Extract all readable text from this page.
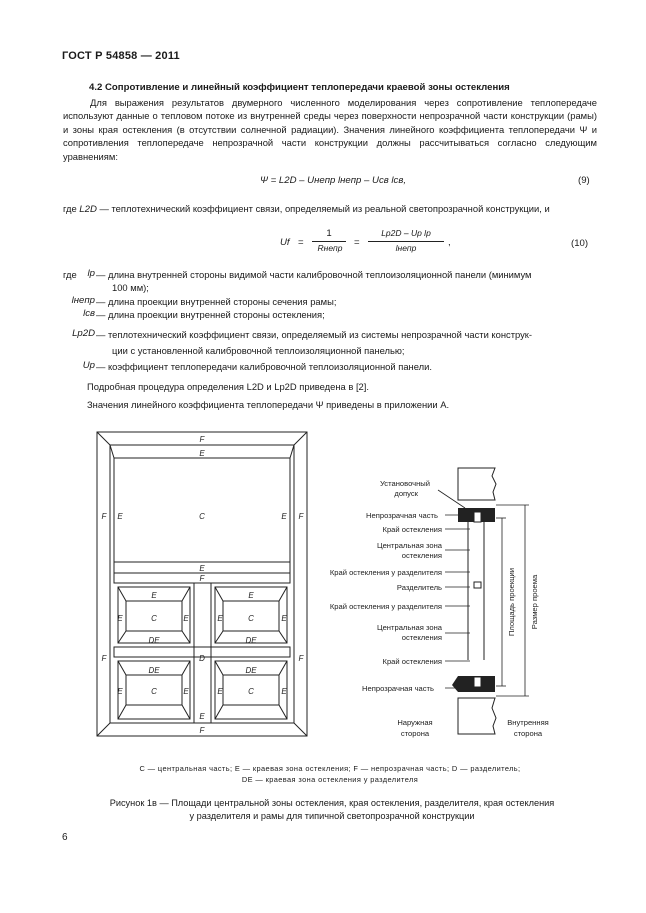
ГОСТ Р 54858 — 2011
4.2 Сопротивление и линейный коэффициент теплопередачи краевой зоны остекления
Для выражения результатов двумерного численного моделирования через сопротивление теплопередаче используют данные о тепловом потоке из внутренней среды через поверхности непрозрачной части конструкции (рамы) и зоны края остекления (в отсутствии солнечной радиации). Значения линейного коэффициента теплопередачи Ψ и сопротивления теплопередаче непрозрачной части конструкции должны рассчитываться согласно следующим уравнениям:
Ψ = L2D – Uнепр lнепр – Uсв lсв,	(9)
где L2D — теплотехнический коэффициент связи, определяемый из реальной светопрозрачной конструкции, и
Uf =
1
Rнепр	=
Lp2D – Up lp
lнепр	,	(10)
где	lp — длина внутренней стороны видимой части калибровочной теплоизоляционной панели (минимум
100 мм);
lнепр — длина проекции внутренней стороны сечения рамы;
lсв — длина проекции внутренней стороны остекления;
Lp2D — теплотехнический коэффициент связи, определяемый из системы непрозрачной части конструк-
ции с установленной калибровочной теплоизоляционной панелью;
Up — коэффициент теплопередачи калибровочной теплоизоляционной панели.
Подробная процедура определения L2D и Lp2D приведена в [2].
Значения линейного коэффициента теплопередачи Ψ приведены в приложении А.
F
E
F E	C	E F
E
F
E	E
E	C	E	E	C	E
DE	DE
F	D	F
DE	DE
E	C	E	E	C	E
E
F
Установочный
допуск
Непрозрачная часть
Край остекления
Центральная зона
остекления
Край остекления у разделителя
Разделитель
Край остекления у разделителя
Центральная зона
остекления
Край остекления
Непрозрачная часть
Площадь проекции Размер проема
Наружная
сторона
Внутренняя
сторона
C — центральная часть; E — краевая зона остекления; F — непрозрачная часть; D — разделитель;
DE — краевая зона остекления у разделителя
Рисунок 1в — Площади центральной зоны остекления, края остекления, разделителя, края остекления
у разделителя и рамы для типичной светопрозрачной конструкции
6
